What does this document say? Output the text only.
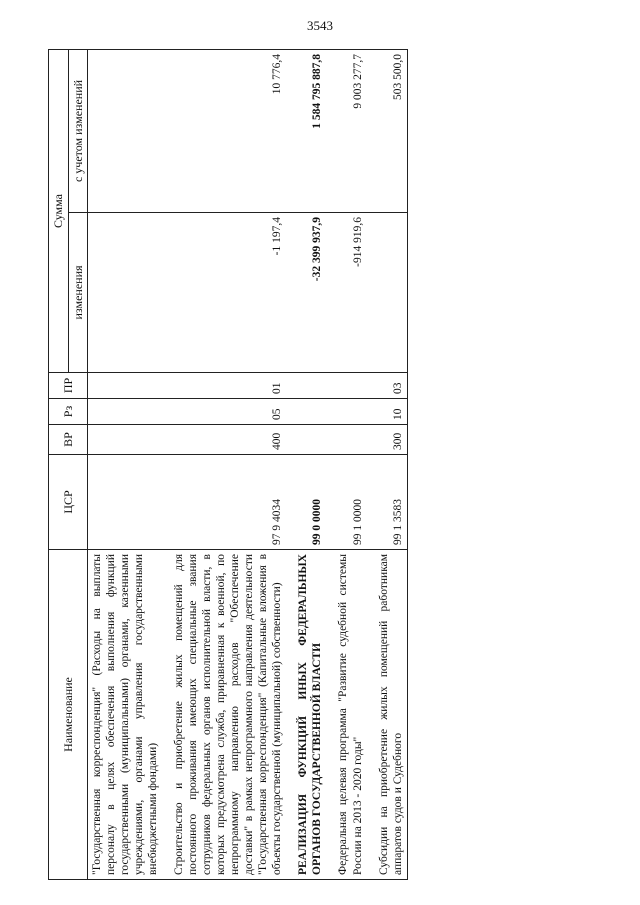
3543
Наименование	ЦСР	ВР	Рз	ПР	Сумма	
					изменения	с учетом изменений
"Государственная корреспонденция" (Расходы на выплаты персоналу в целях обеспечения выполнения функций государственными (муниципальными) органами, казенными учреждениями, органами управления государственными внебюджетными фондами)						

Строительство и приобретение жилых помещений для постоянного проживания имеющих специальные звания сотрудников федеральных органов исполнительной власти, в которых предусмотрена служба, приравненная к военной, по непрограммному направлению расходов "Обеспечение доставки" в рамках непрограммного направления деятельности "Государственная корреспонденция" (Капитальные вложения в объекты государственной (муниципальной) собственности)	97 9 4034	400	05	01	-1 197,4	10 776,4

РЕАЛИЗАЦИЯ ФУНКЦИЙ ИНЫХ ФЕДЕРАЛЬНЫХ ОРГАНОВ ГОСУДАРСТВЕННОЙ ВЛАСТИ	99 0 0000				-32 399 937,9	1 584 795 887,8

Федеральная целевая программа "Развитие судебной системы России на 2013 - 2020 годы"	99 1 0000				-914 919,6	9 003 277,7

Субсидии на приобретение жилых помещений работникам аппаратов судов и Судебного	99 1 3583	300	10	03		503 500,0
